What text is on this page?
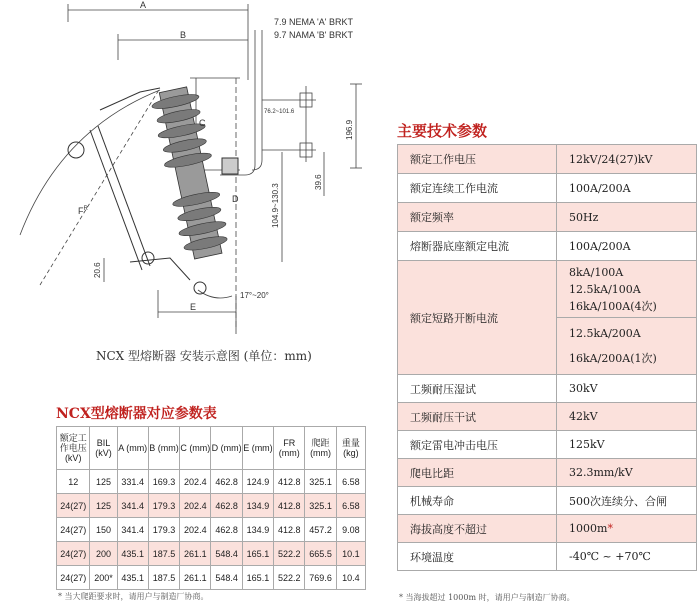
A
B
C
D
E
$F^R$
7.9 NEMA 'A' BRKT
9.7 NAMA 'B' BRKT
76.2~101.6
196.9
104.9~130.3
39.6
20.6
17°~20°
NCX 型熔断器 安装示意图 (单位：mm)
主要技术参数
额定工作电压	12kV/24(27)kV
额定连续工作电流	100A/200A
额定频率	50Hz
熔断器底座额定电流	100A/200A
额定短路开断电流	8kA/100A
12.5kA/100A
16kA/100A(4次)

	12.5kA/200A
16kA/200A(1次)

工频耐压湿试	30kV
工频耐压干试	42kV
额定雷电冲击电压	125kV
爬电比距	32.3mm/kV
机械寿命	500次连续分、合闸
海拔高度不超过	1000m*
环境温度	-40℃ ~ +70℃
* 当海拔超过 1000m 时，请用户与制造厂协商。
NCX型熔断器对应参数表
额定工作电压(kV)	BIL (kV)	A (mm)	B (mm)	C (mm)	D (mm)	E (mm)	FR (mm)	爬距 (mm)	重量 (kg)
12	125	331.4	169.3	202.4	462.8	124.9	412.8	325.1	6.58
24(27)	125	341.4	179.3	202.4	462.8	134.9	412.8	325.1	6.58
24(27)	150	341.4	179.3	202.4	462.8	134.9	412.8	457.2	9.08
24(27)	200	435.1	187.5	261.1	548.4	165.1	522.2	665.5	10.1
24(27)	200*	435.1	187.5	261.1	548.4	165.1	522.2	769.6	10.4
* 当大爬距要求时，请用户与制造厂协商。
